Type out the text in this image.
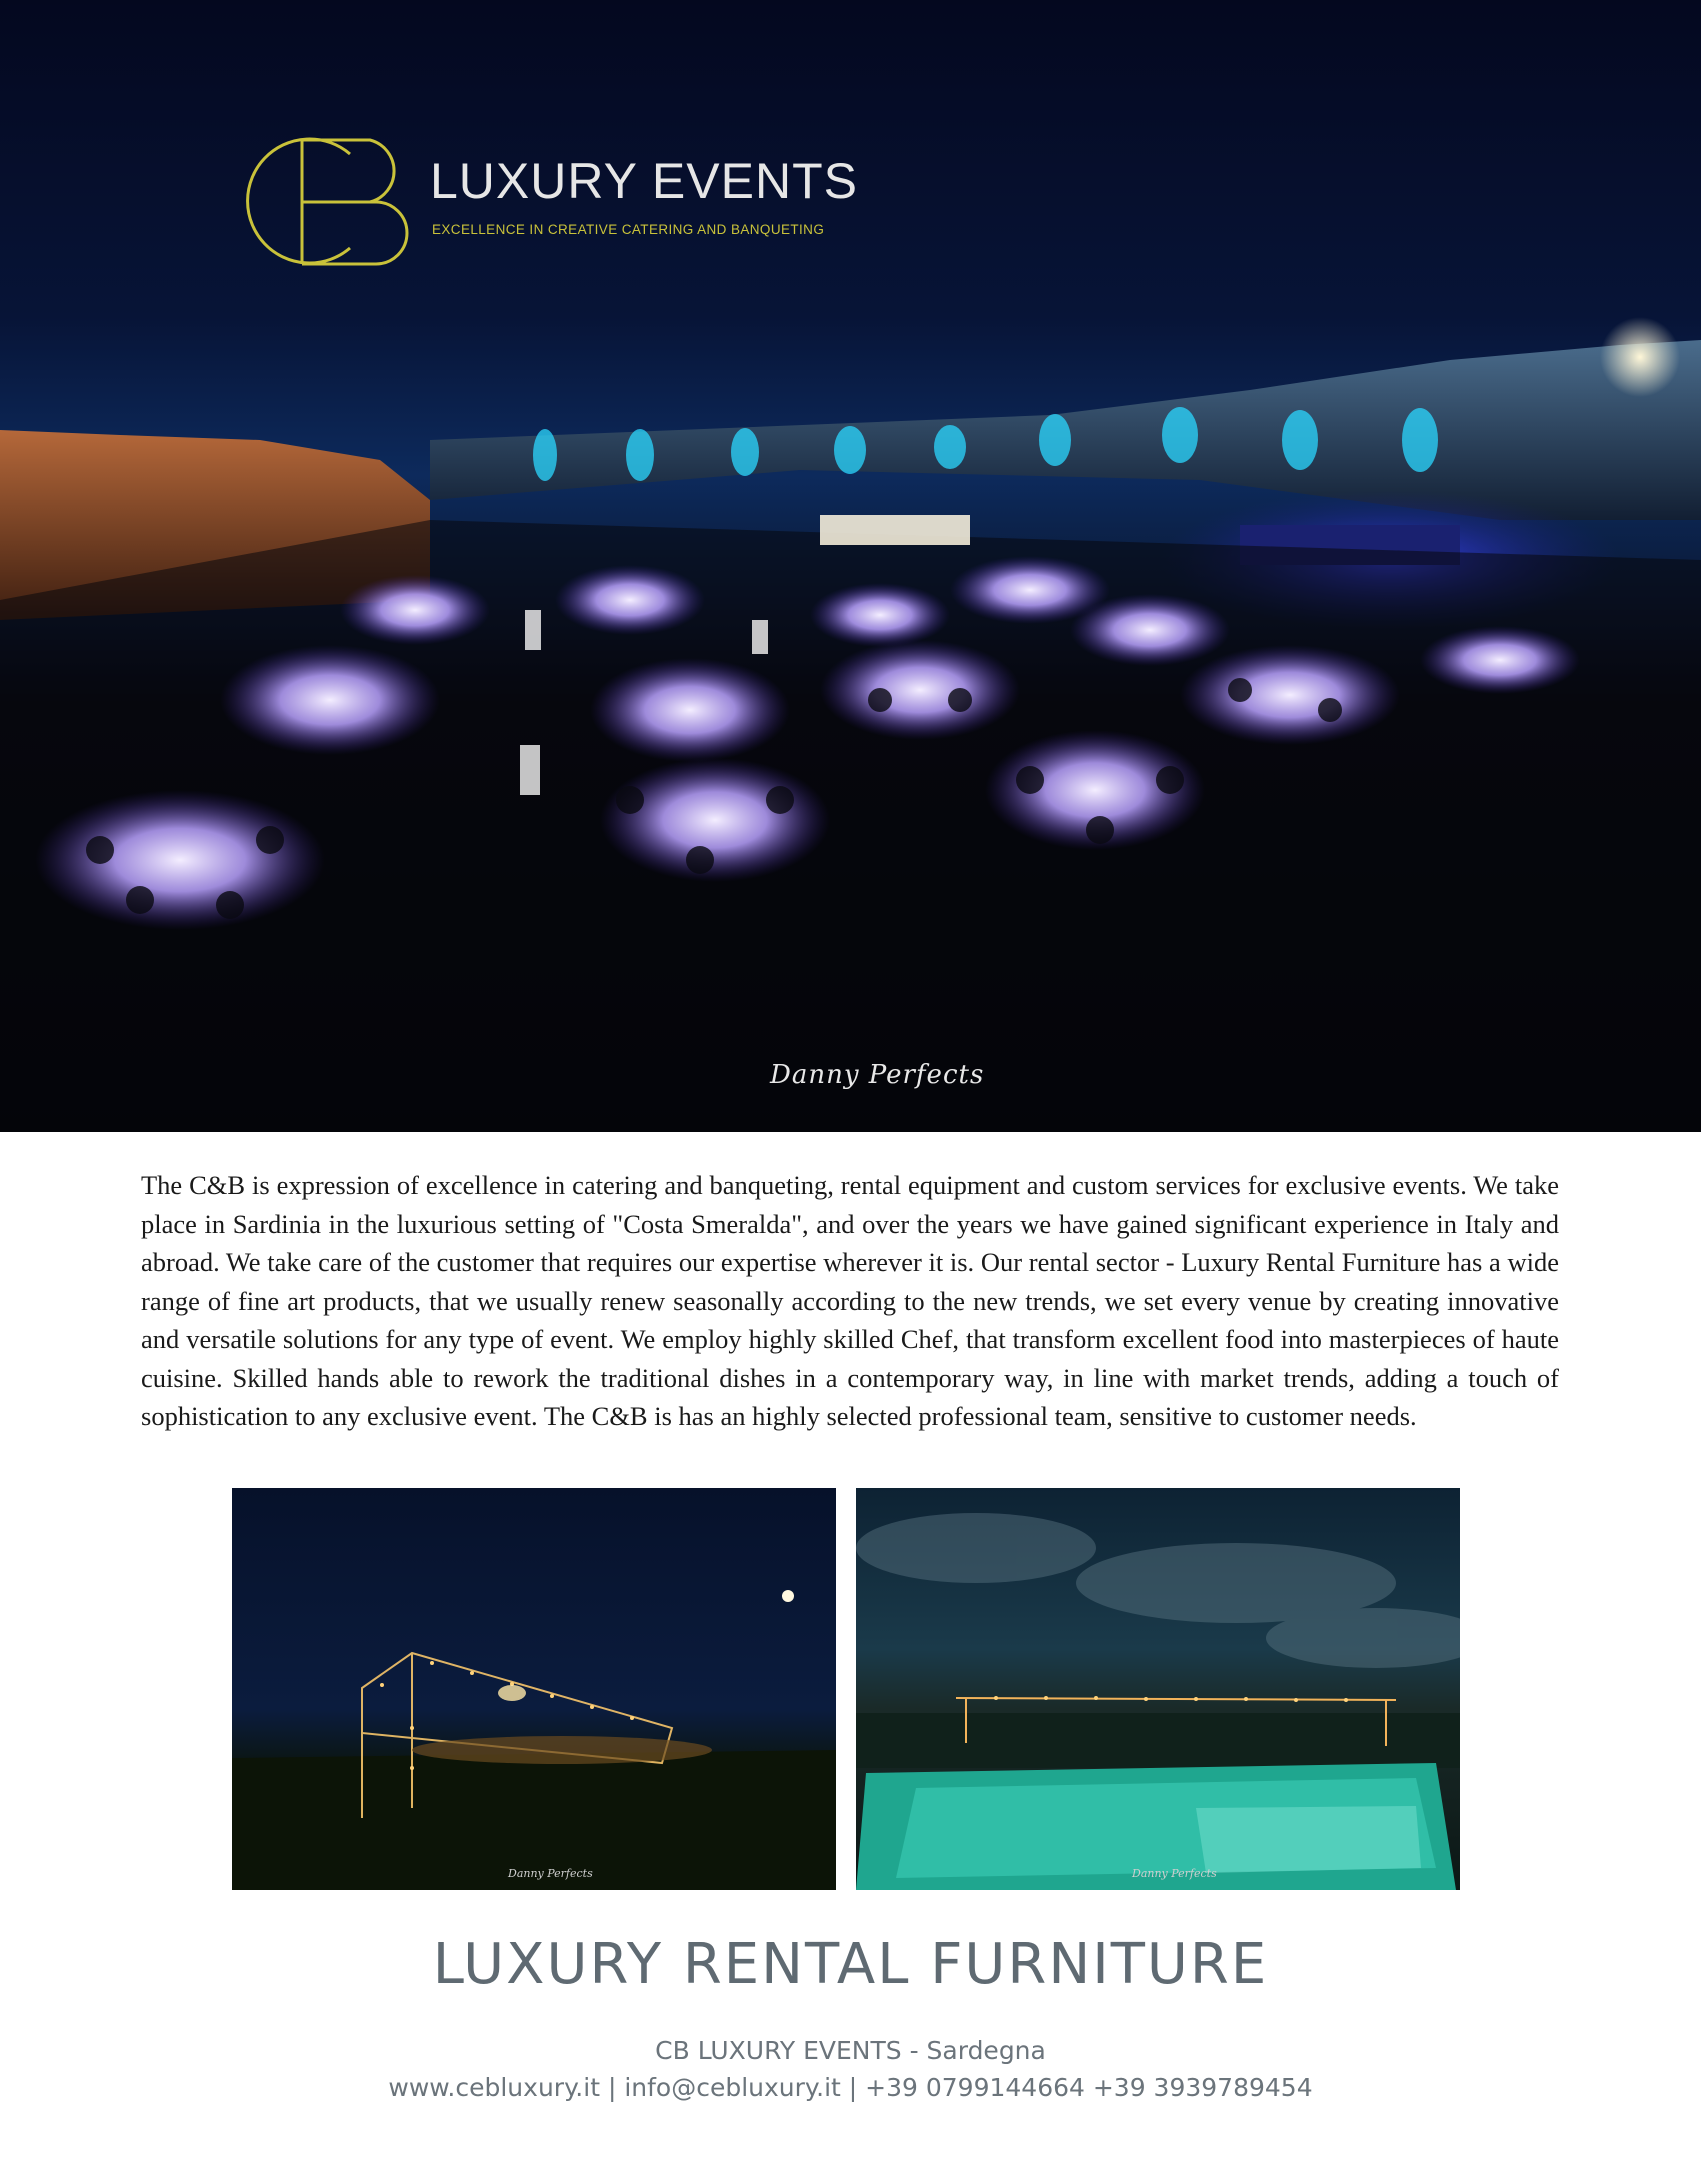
LUXURY EVENTS
EXCELLENCE IN CREATIVE CATERING AND BANQUETING
Danny Perfects

The C&B is expression of excellence in catering and banqueting, rental equipment and custom services for exclusive events. We take place in Sardinia in the luxurious setting of "Costa Smeralda", and over the years we have gained significant experience in Italy and abroad. We take care of the customer that requires our expertise wherever it is. Our rental sector - Luxury Rental Furniture has a wide range of fine art products, that we usually renew seasonally according to the new trends, we set every venue by creating innovative and versatile solutions for any type of event. We employ highly skilled Chef, that transform excellent food into masterpieces of haute cuisine. Skilled hands able to rework the traditional dishes in a contemporary way, in line with market trends, adding a touch of sophistication to any exclusive event. The C&B is has an highly selected professional team, sensitive to customer needs.

Danny Perfects	Danny Perfects
LUXURY RENTAL FURNITURE

CB LUXURY EVENTS - Sardegna

www.cebluxury.it | info@cebluxury.it | +39 0799144664 +39 3939789454
